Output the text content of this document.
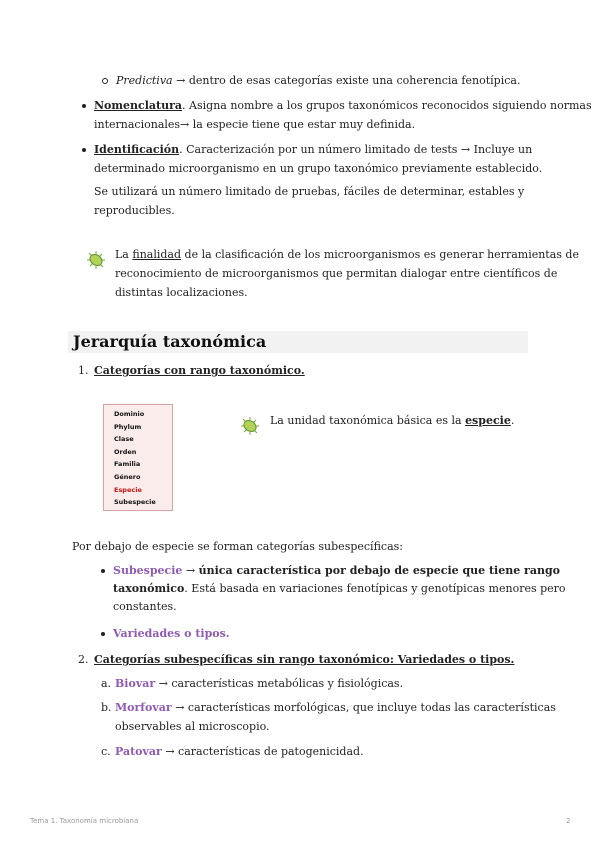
Predictiva → dentro de esas categorías existe una coherencia fenotípica.
Nomenclatura. Asigna nombre a los grupos taxonómicos reconocidos siguiendo normas
internacionales→ la especie tiene que estar muy definida.
Identificación. Caracterización por un número limitado de tests → Incluye un
determinado microorganismo en un grupo taxonómico previamente establecido.
Se utilizará un número limitado de pruebas, fáciles de determinar, estables y
reproducibles.
La finalidad de la clasificación de los microorganismos es generar herramientas de
reconocimiento de microorganismos que permitan dialogar entre científicos de
distintas localizaciones.
Jerarquía taxonómica
1. Categorías con rango taxonómico.
Dominio
Phylum
Clase
Orden
Familia
Género
Especie
Subespecie
La unidad taxonómica básica es la especie.
Por debajo de especie se forman categorías subespecíficas:
Subespecie → única característica por debajo de especie que tiene rango
taxonómico. Está basada en variaciones fenotípicas y genotípicas menores pero
constantes.
Variedades o tipos.
2. Categorías subespecíficas sin rango taxonómico: Variedades o tipos.
a. Biovar → características metabólicas y fisiológicas.
b. Morfovar → características morfológicas, que incluye todas las características
observables al microscopio.
c. Patovar → características de patogenicidad.
Tema 1. Taxonomía microbiana	2
